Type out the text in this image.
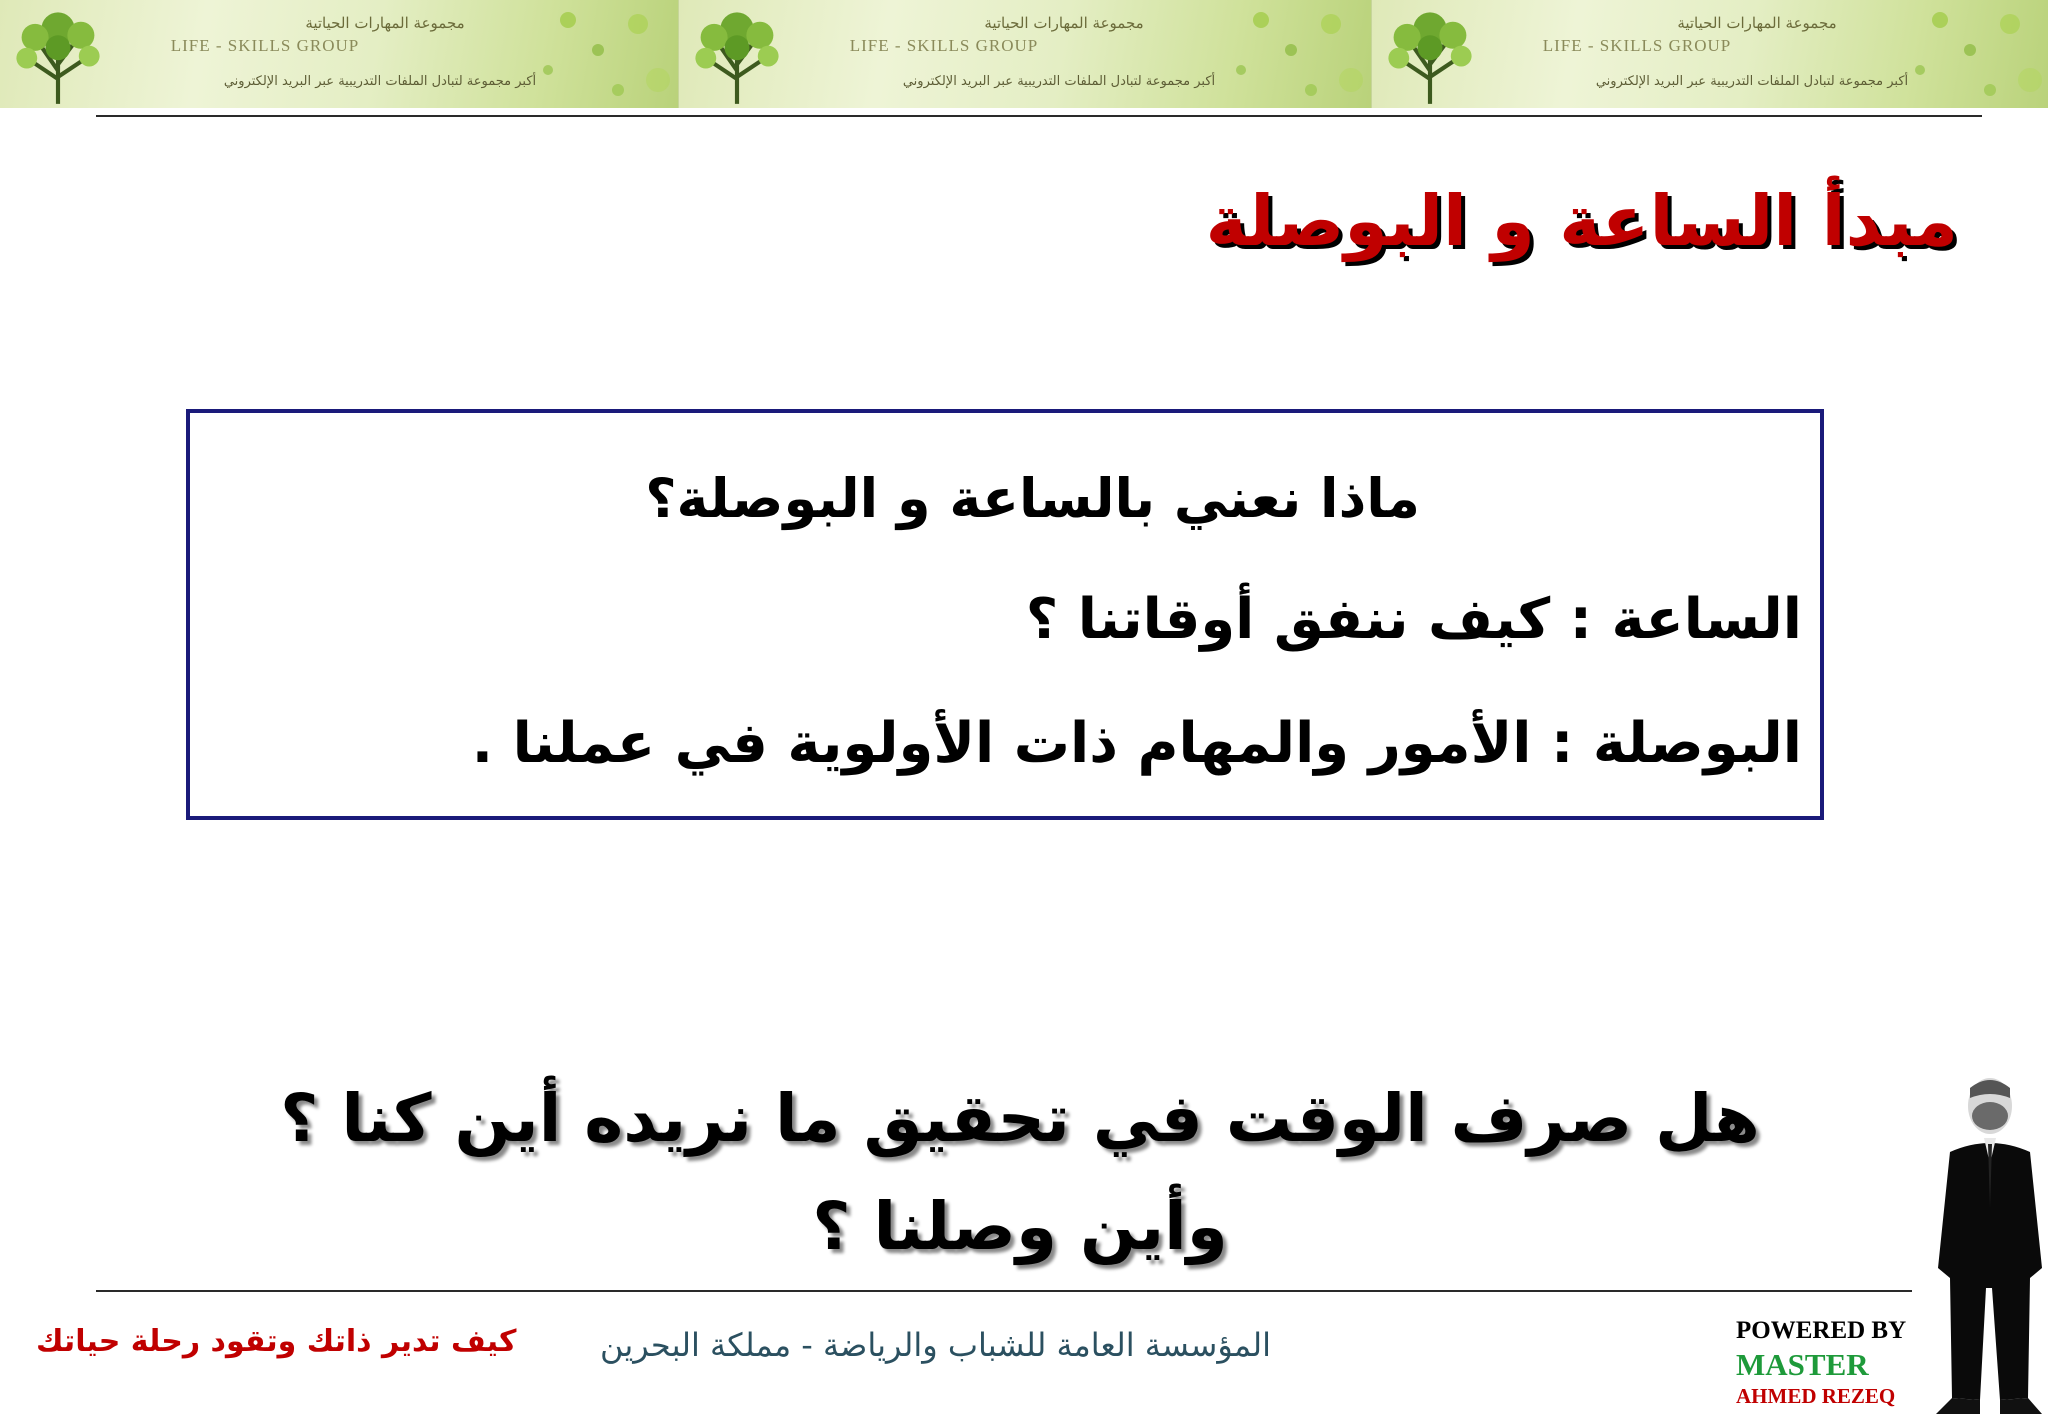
مجموعة المهارات الحياتية
LIFE - SKILLS GROUP
أكبر مجموعة لتبادل الملفات التدريبية عبر البريد الإلكتروني
مجموعة المهارات الحياتية
LIFE - SKILLS GROUP
أكبر مجموعة لتبادل الملفات التدريبية عبر البريد الإلكتروني
مجموعة المهارات الحياتية
LIFE - SKILLS GROUP
أكبر مجموعة لتبادل الملفات التدريبية عبر البريد الإلكتروني
مبدأ الساعة و البوصلة
ماذا نعني بالساعة و البوصلة؟
الساعة : كيف ننفق أوقاتنا ؟
البوصلة : الأمور والمهام ذات الأولوية في عملنا .
هل صرف الوقت في تحقيق ما نريده أين كنا ؟ وأين وصلنا ؟
كيف تدير ذاتك وتقود رحلة حياتك	المؤسسة العامة للشباب والرياضة - مملكة البحرين	POWERED BY
MASTER
AHMED REZEQ
